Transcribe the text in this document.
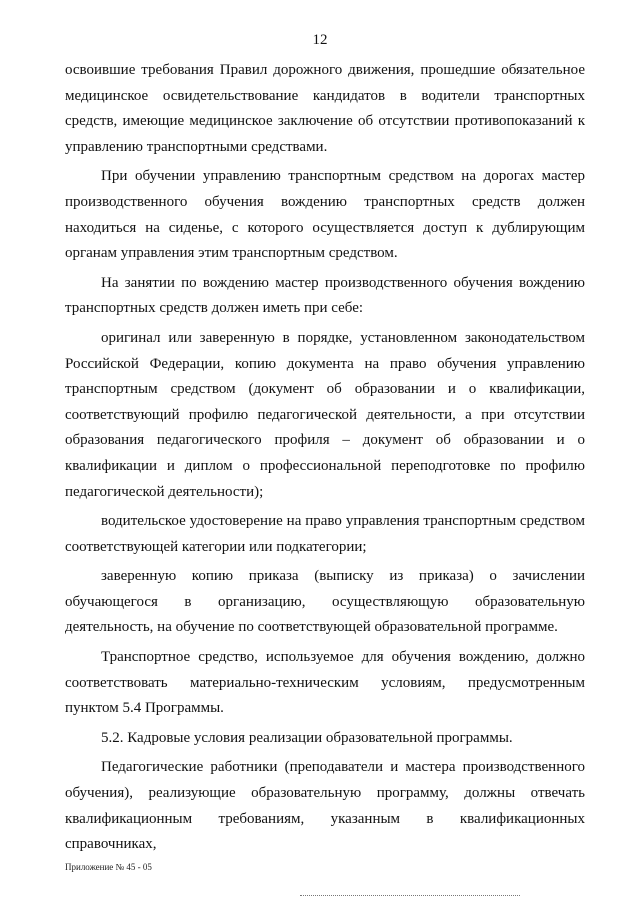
12

освоившие требования Правил дорожного движения, прошедшие обязательное медицинское освидетельствование кандидатов в водители транспортных средств, имеющие медицинское заключение об отсутствии противопоказаний к управлению транспортными средствами.

При обучении управлению транспортным средством на дорогах мастер производственного обучения вождению транспортных средств должен находиться на сиденье, с которого осуществляется доступ к дублирующим органам управления этим транспортным средством.

На занятии по вождению мастер производственного обучения вождению транспортных средств должен иметь при себе:

оригинал или заверенную в порядке, установленном законодательством Российской Федерации, копию документа на право обучения управлению транспортным средством (документ об образовании и о квалификации, соответствующий профилю педагогической деятельности, а при отсутствии образования педагогического профиля – документ об образовании и о квалификации и диплом о профессиональной переподготовке по профилю педагогической деятельности);

водительское удостоверение на право управления транспортным средством соответствующей категории или подкатегории;

заверенную копию приказа (выписку из приказа) о зачислении обучающегося в организацию, осуществляющую образовательную деятельность, на обучение по соответствующей образовательной программе.

Транспортное средство, используемое для обучения вождению, должно соответствовать материально-техническим условиям, предусмотренным пунктом 5.4 Программы.

5.2. Кадровые условия реализации образовательной программы.

Педагогические работники (преподаватели и мастера производственного обучения), реализующие образовательную программу, должны отвечать квалификационным требованиям, указанным в квалификационных справочниках,

Приложение № 45 - 05
